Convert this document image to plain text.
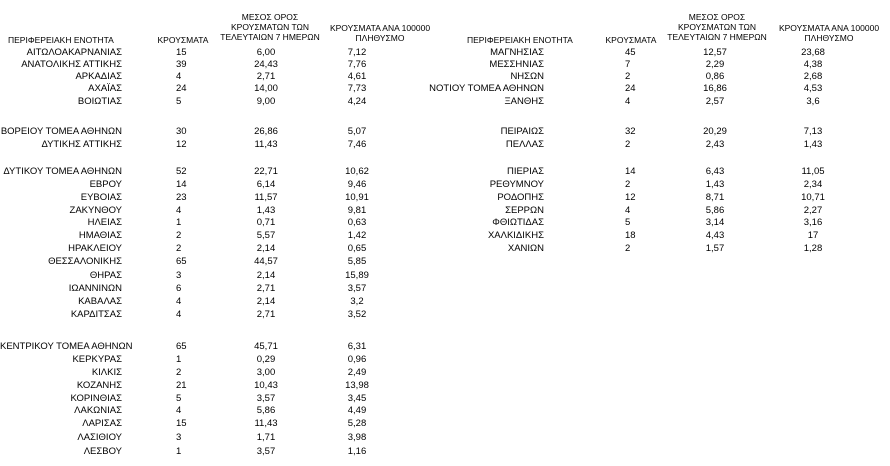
ΠΕΡΙΦΕΡΕΙΑΚΗ ΕΝΟΤΗΤΑ	ΚΡΟΥΣΜΑΤΑ
ΜΕΣΟΣ ΟΡΟΣ
ΚΡΟΥΣΜΑΤΩΝ ΤΩΝ
ΤΕΛΕΥΤΑΙΩΝ 7 ΗΜΕΡΩΝ
ΚΡΟΥΣΜΑΤΑ ΑΝΑ 100000
ΠΛΗΘΥΣΜΟ	ΠΕΡΙΦΕΡΕΙΑΚΗ ΕΝΟΤΗΤΑ	ΚΡΟΥΣΜΑΤΑ
ΜΕΣΟΣ ΟΡΟΣ
ΚΡΟΥΣΜΑΤΩΝ ΤΩΝ
ΤΕΛΕΥΤΑΙΩΝ 7 ΗΜΕΡΩΝ
ΚΡΟΥΣΜΑΤΑ ΑΝΑ 100000
ΠΛΗΘΥΣΜΟ
ΑΙΤΩΛΟΑΚΑΡΝΑΝΙΑΣ	15	6,00	7,12
ΑΝΑΤΟΛΙΚΗΣ ΑΤΤΙΚΗΣ	39	24,43	7,76
ΑΡΚΑΔΙΑΣ	4	2,71	4,61
ΑΧΑΪΑΣ	24	14,00	7,73
ΒΟΙΩΤΙΑΣ	5	9,00	4,24
ΒΟΡΕΙΟΥ ΤΟΜΕΑ ΑΘΗΝΩΝ	30	26,86	5,07
ΔΥΤΙΚΗΣ ΑΤΤΙΚΗΣ	12	11,43	7,46
ΔΥΤΙΚΟΥ ΤΟΜΕΑ ΑΘΗΝΩΝ	52	22,71	10,62
ΕΒΡΟΥ	14	6,14	9,46
ΕΥΒΟΙΑΣ	23	11,57	10,91
ΖΑΚΥΝΘΟΥ	4	1,43	9,81
ΗΛΕΙΑΣ	1	0,71	0,63
ΗΜΑΘΙΑΣ	2	5,57	1,42
ΗΡΑΚΛΕΙΟΥ	2	2,14	0,65
ΘΕΣΣΑΛΟΝΙΚΗΣ	65	44,57	5,85
ΘΗΡΑΣ	3	2,14	15,89
ΙΩΑΝΝΙΝΩΝ	6	2,71	3,57
ΚΑΒΑΛΑΣ	4	2,14	3,2
ΚΑΡΔΙΤΣΑΣ	4	2,71	3,52
ΚΕΝΤΡΙΚΟΥ ΤΟΜΕΑ ΑΘΗΝΩΝ	65	45,71	6,31
ΚΕΡΚΥΡΑΣ	1	0,29	0,96
ΚΙΛΚΙΣ	2	3,00	2,49
ΚΟΖΑΝΗΣ	21	10,43	13,98
ΚΟΡΙΝΘΙΑΣ	5	3,57	3,45
ΛΑΚΩΝΙΑΣ	4	5,86	4,49
ΛΑΡΙΣΑΣ	15	11,43	5,28
ΛΑΣΙΘΙΟΥ	3	1,71	3,98
ΛΕΣΒΟΥ	1	3,57	1,16
ΜΑΓΝΗΣΙΑΣ	45	12,57	23,68
ΜΕΣΣΗΝΙΑΣ	7	2,29	4,38
ΝΗΣΩΝ	2	0,86	2,68
ΝΟΤΙΟΥ ΤΟΜΕΑ ΑΘΗΝΩΝ	24	16,86	4,53
ΞΑΝΘΗΣ	4	2,57	3,6
ΠΕΙΡΑΙΩΣ	32	20,29	7,13
ΠΕΛΛΑΣ	2	2,43	1,43
ΠΙΕΡΙΑΣ	14	6,43	11,05
ΡΕΘΥΜΝΟΥ	2	1,43	2,34
ΡΟΔΟΠΗΣ	12	8,71	10,71
ΣΕΡΡΩΝ	4	5,86	2,27
ΦΘΙΩΤΙΔΑΣ	5	3,14	3,16
ΧΑΛΚΙΔΙΚΗΣ	18	4,43	17
ΧΑΝΙΩΝ	2	1,57	1,28
